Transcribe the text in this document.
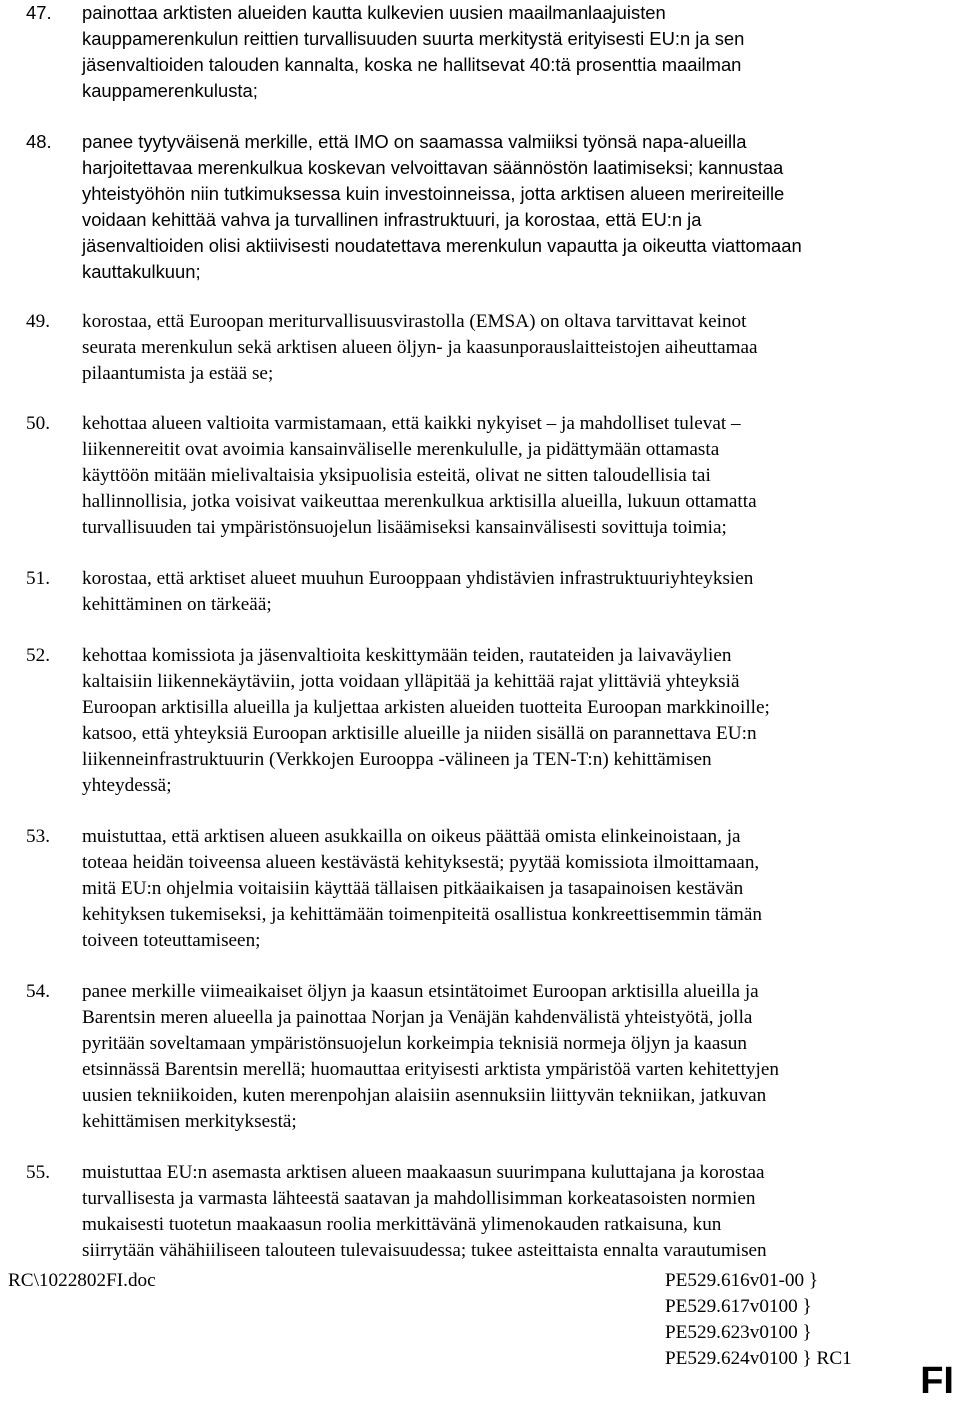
47.	painottaa arktisten alueiden kautta kulkevien uusien maailmanlaajuisten
kauppamerenkulun reittien turvallisuuden suurta merkitystä erityisesti EU:n ja sen
jäsenvaltioiden talouden kannalta, koska ne hallitsevat 40:tä prosenttia maailman
kauppamerenkulusta;
48.	panee tyytyväisenä merkille, että IMO on saamassa valmiiksi työnsä napa-alueilla
harjoitettavaa merenkulkua koskevan velvoittavan säännöstön laatimiseksi; kannustaa
yhteistyöhön niin tutkimuksessa kuin investoinneissa, jotta arktisen alueen merireiteille
voidaan kehittää vahva ja turvallinen infrastruktuuri, ja korostaa, että EU:n ja
jäsenvaltioiden olisi aktiivisesti noudatettava merenkulun vapautta ja oikeutta viattomaan
kauttakulkuun;
49.	korostaa, että Euroopan meriturvallisuusvirastolla (EMSA) on oltava tarvittavat keinot
seurata merenkulun sekä arktisen alueen öljyn- ja kaasunporauslaitteistojen aiheuttamaa
pilaantumista ja estää se;
50.	kehottaa alueen valtioita varmistamaan, että kaikki nykyiset – ja mahdolliset tulevat –
liikennereitit ovat avoimia kansainväliselle merenkululle, ja pidättymään ottamasta
käyttöön mitään mielivaltaisia yksipuolisia esteitä, olivat ne sitten taloudellisia tai
hallinnollisia, jotka voisivat vaikeuttaa merenkulkua arktisilla alueilla, lukuun ottamatta
turvallisuuden tai ympäristönsuojelun lisäämiseksi kansainvälisesti sovittuja toimia;
51.	korostaa, että arktiset alueet muuhun Eurooppaan yhdistävien infrastruktuuriyhteyksien
kehittäminen on tärkeää;
52.	kehottaa komissiota ja jäsenvaltioita keskittymään teiden, rautateiden ja laivaväylien
kaltaisiin liikennekäytäviin, jotta voidaan ylläpitää ja kehittää rajat ylittäviä yhteyksiä
Euroopan arktisilla alueilla ja kuljettaa arkisten alueiden tuotteita Euroopan markkinoille;
katsoo, että yhteyksiä Euroopan arktisille alueille ja niiden sisällä on parannettava EU:n
liikenneinfrastruktuurin (Verkkojen Eurooppa -välineen ja TEN-T:n) kehittämisen
yhteydessä;
53.	muistuttaa, että arktisen alueen asukkailla on oikeus päättää omista elinkeinoistaan, ja
toteaa heidän toiveensa alueen kestävästä kehityksestä; pyytää komissiota ilmoittamaan,
mitä EU:n ohjelmia voitaisiin käyttää tällaisen pitkäaikaisen ja tasapainoisen kestävän
kehityksen tukemiseksi, ja kehittämään toimenpiteitä osallistua konkreettisemmin tämän
toiveen toteuttamiseen;
54.	panee merkille viimeaikaiset öljyn ja kaasun etsintätoimet Euroopan arktisilla alueilla ja
Barentsin meren alueella ja painottaa Norjan ja Venäjän kahdenvälistä yhteistyötä, jolla
pyritään soveltamaan ympäristönsuojelun korkeimpia teknisiä normeja öljyn ja kaasun
etsinnässä Barentsin merellä; huomauttaa erityisesti arktista ympäristöä varten kehitettyjen
uusien tekniikoiden, kuten merenpohjan alaisiin asennuksiin liittyvän tekniikan, jatkuvan
kehittämisen merkityksestä;
55.	muistuttaa EU:n asemasta arktisen alueen maakaasun suurimpana kuluttajana ja korostaa
turvallisesta ja varmasta lähteestä saatavan ja mahdollisimman korkeatasoisten normien
mukaisesti tuotetun maakaasun roolia merkittävänä ylimenokauden ratkaisuna, kun
siirrytään vähähiiliseen talouteen tulevaisuudessa; tukee asteittaista ennalta varautumisen
RC\1022802FI.doc	PE529.616v01-00 }
PE529.617v0100 }
PE529.623v0100 }
PE529.624v0100 } RC1
FI
